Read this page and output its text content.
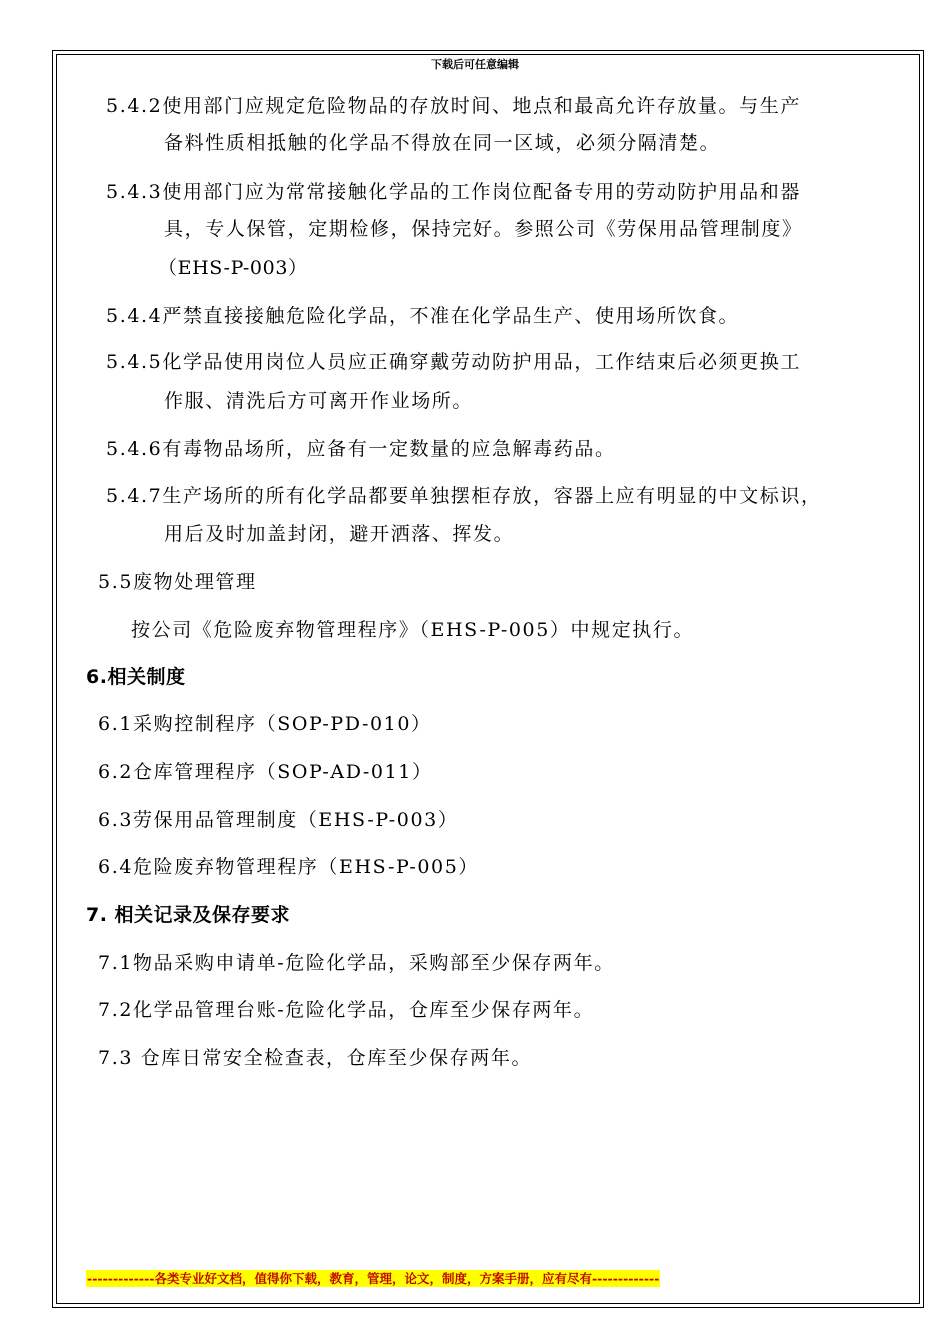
下载后可任意编辑
5.4.2使用部门应规定危险物品的存放时间、地点和最高允许存放量。与生产
备料性质相抵触的化学品不得放在同一区域，必须分隔清楚。
5.4.3使用部门应为常常接触化学品的工作岗位配备专用的劳动防护用品和器
具，专人保管，定期检修，保持完好。参照公司《劳保用品管理制度》
（EHS-P-003）
5.4.4严禁直接接触危险化学品，不准在化学品生产、使用场所饮食。
5.4.5化学品使用岗位人员应正确穿戴劳动防护用品，工作结束后必须更换工
作服、清洗后方可离开作业场所。
5.4.6有毒物品场所，应备有一定数量的应急解毒药品。
5.4.7生产场所的所有化学品都要单独摆柜存放，容器上应有明显的中文标识，
用后及时加盖封闭，避开洒落、挥发。
5.5废物处理管理
按公司《危险废弃物管理程序》（EHS-P-005）中规定执行。
6.相关制度
6.1采购控制程序（SOP-PD-010）
6.2仓库管理程序（SOP-AD-011）
6.3劳保用品管理制度（EHS-P-003）
6.4危险废弃物管理程序（EHS-P-005）
7. 相关记录及保存要求
7.1物品采购申请单-危险化学品，采购部至少保存两年。
7.2化学品管理台账-危险化学品，仓库至少保存两年。
7.3 仓库日常安全检查表，仓库至少保存两年。
-------------各类专业好文档，值得你下载，教育，管理，论文，制度，方案手册，应有尽有-------------
